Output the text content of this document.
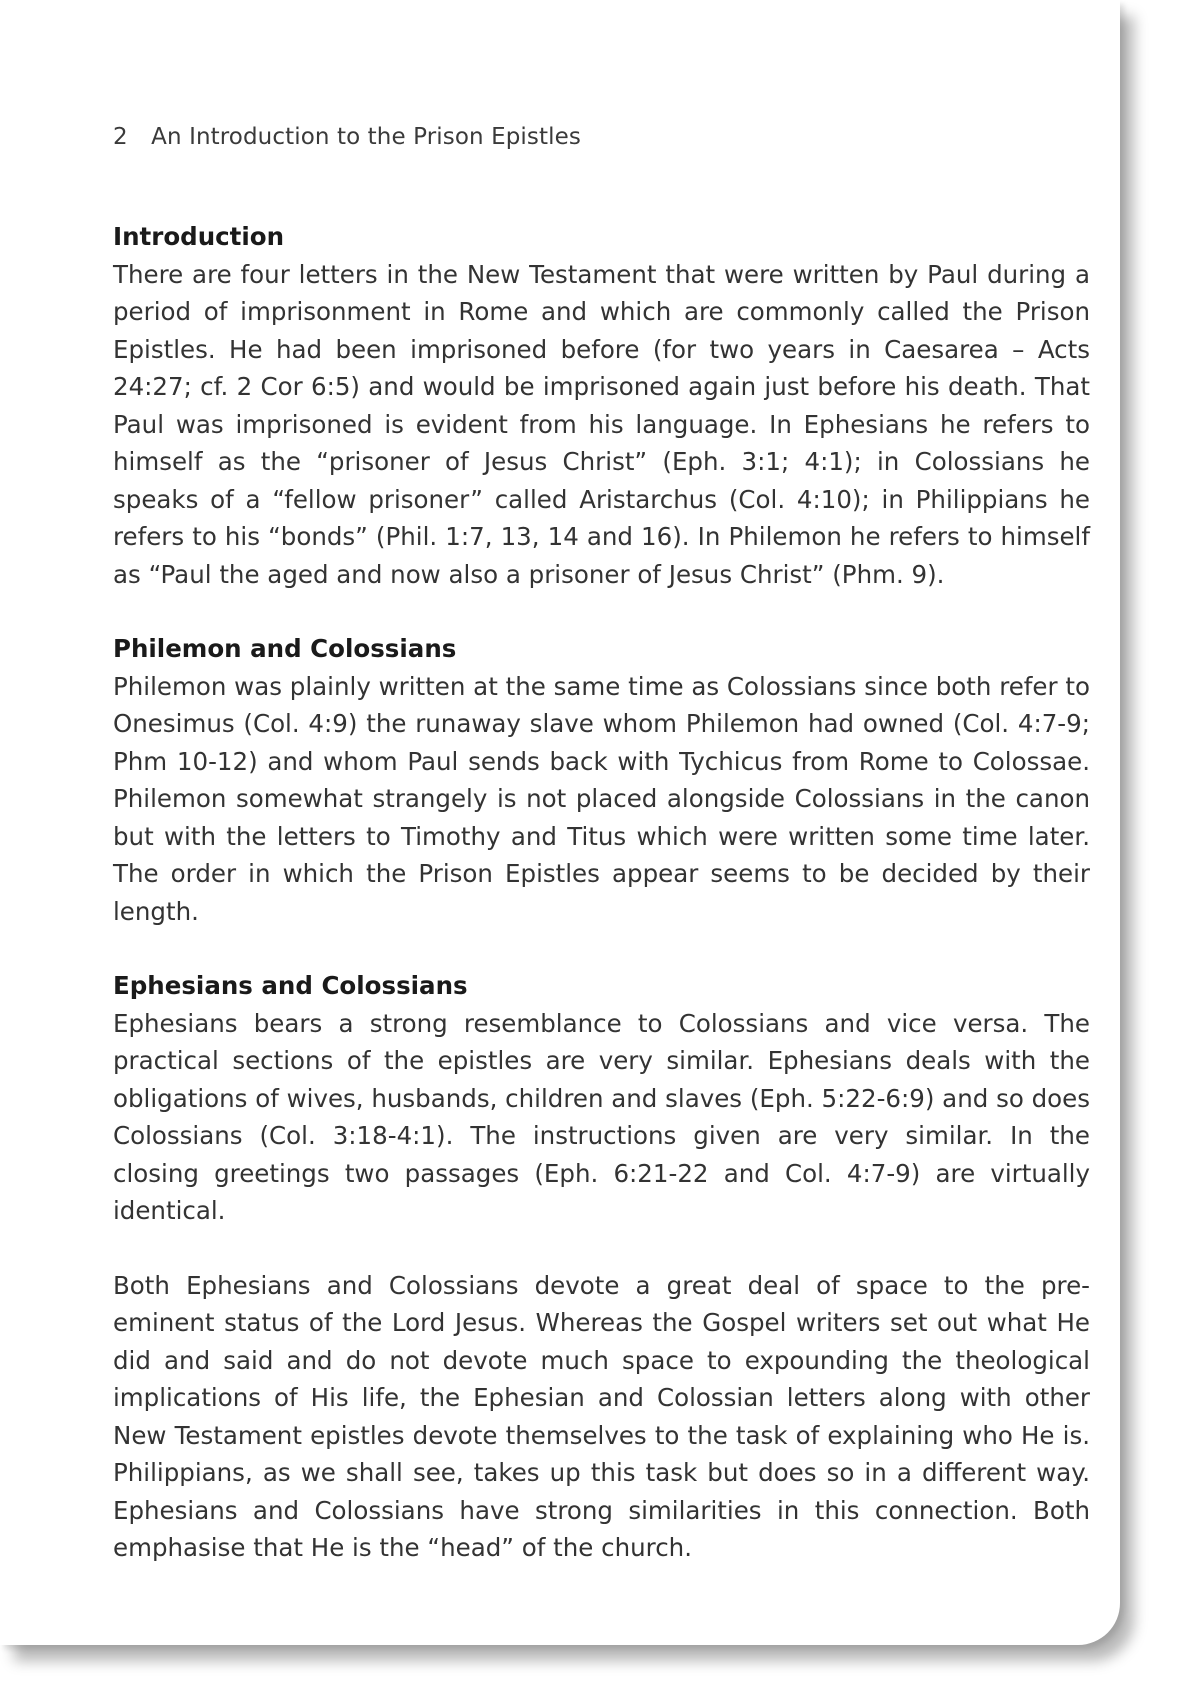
2 An Introduction to the Prison Epistles

Introduction

There are four letters in the New Testament that were written by Paul during a period of imprisonment in Rome and which are commonly called the Prison Epistles. He had been imprisoned before (for two years in Caesarea – Acts 24:27; cf. 2 Cor 6:5) and would be imprisoned again just before his death. That Paul was imprisoned is evident from his language. In Ephesians he refers to himself as the “prisoner of Jesus Christ” (Eph. 3:1; 4:1); in Colossians he speaks of a “fellow prisoner” called Aristarchus (Col. 4:10); in Philippians he refers to his “bonds” (Phil. 1:7, 13, 14 and 16). In Philemon he refers to himself as “Paul the aged and now also a prisoner of Jesus Christ” (Phm. 9).

Philemon and Colossians

Philemon was plainly written at the same time as Colossians since both refer to Onesimus (Col. 4:9) the runaway slave whom Philemon had owned (Col. 4:7-9; Phm 10-12) and whom Paul sends back with Tychicus from Rome to Colossae. Philemon somewhat strangely is not placed alongside Colossians in the canon but with the letters to Timothy and Titus which were written some time later. The order in which the Prison Epistles appear seems to be decided by their length.

Ephesians and Colossians

Ephesians bears a strong resemblance to Colossians and vice versa. The practical sections of the epistles are very similar. Ephesians deals with the obligations of wives, husbands, children and slaves (Eph. 5:22-6:9) and so does Colossians (Col. 3:18-4:1). The instructions given are very similar. In the closing greetings two passages (Eph. 6:21-22 and Col. 4:7-9) are virtually identical.

Both Ephesians and Colossians devote a great deal of space to the pre-eminent status of the Lord Jesus. Whereas the Gospel writers set out what He did and said and do not devote much space to expounding the theological implications of His life, the Ephesian and Colossian letters along with other New Testament epistles devote themselves to the task of explaining who He is. Philippians, as we shall see, takes up this task but does so in a different way. Ephesians and Colossians have strong similarities in this connection. Both emphasise that He is the “head” of the church.
